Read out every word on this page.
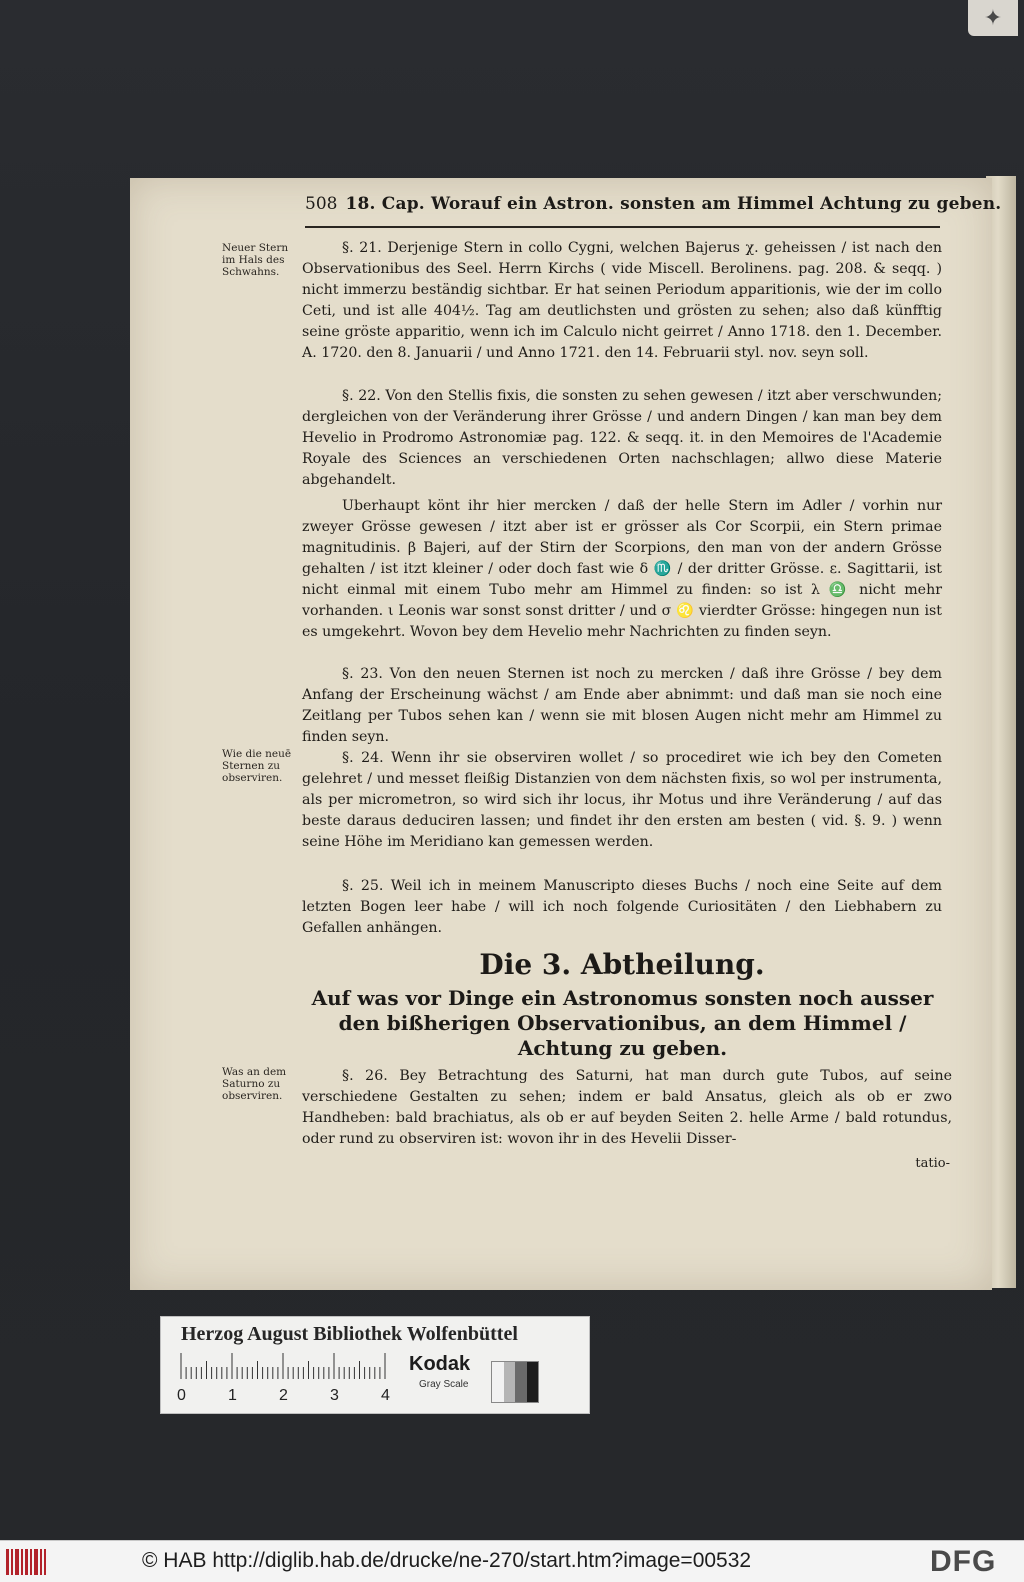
✦
508 18. Cap. Worauf ein Astron. sonsten am Himmel Achtung zu geben.
Neuer Stern im Hals des Schwahns.
Wie die neuē Sternen zu observiren.
Was an dem Saturno zu observiren.

§. 21. Derjenige Stern in collo Cygni, welchen Bajerus χ. geheissen / ist nach den Observationibus des Seel. Herrn Kirchs ( vide Miscell. Berolinens. pag. 208. & seqq. ) nicht immerzu beständig sichtbar. Er hat seinen Periodum apparitionis, wie der im collo Ceti, und ist alle 404½. Tag am deutlichsten und grösten zu sehen; also daß künfftig seine gröste apparitio, wenn ich im Calculo nicht geirret / Anno 1718. den 1. December. A. 1720. den 8. Januarii / und Anno 1721. den 14. Februarii styl. nov. seyn soll.

§. 22. Von den Stellis fixis, die sonsten zu sehen gewesen / itzt aber verschwunden; dergleichen von der Veränderung ihrer Grösse / und andern Dingen / kan man bey dem Hevelio in Prodromo Astronomiæ pag. 122. & seqq. it. in den Memoires de l'Academie Royale des Sciences an verschiedenen Orten nachschlagen; allwo diese Materie abgehandelt.

Uberhaupt könt ihr hier mercken / daß der helle Stern im Adler / vorhin nur zweyer Grösse gewesen / itzt aber ist er grösser als Cor Scorpii, ein Stern primae magnitudinis. β Bajeri, auf der Stirn der Scorpions, den man von der andern Grösse gehalten / ist itzt kleiner / oder doch fast wie δ ♏ / der dritter Grösse. ε. Sagittarii, ist nicht einmal mit einem Tubo mehr am Himmel zu finden: so ist λ ♎ nicht mehr vorhanden. ι Leonis war sonst sonst dritter / und σ ♌ vierdter Grösse: hingegen nun ist es umgekehrt. Wovon bey dem Hevelio mehr Nachrichten zu finden seyn.

§. 23. Von den neuen Sternen ist noch zu mercken / daß ihre Grösse / bey dem Anfang der Erscheinung wächst / am Ende aber abnimmt: und daß man sie noch eine Zeitlang per Tubos sehen kan / wenn sie mit blosen Augen nicht mehr am Himmel zu finden seyn.

§. 24. Wenn ihr sie observiren wollet / so procediret wie ich bey den Cometen gelehret / und messet fleißig Distanzien von dem nächsten fixis, so wol per instrumenta, als per micrometron, so wird sich ihr locus, ihr Motus und ihre Veränderung / auf das beste daraus deduciren lassen; und findet ihr den ersten am besten ( vid. §. 9. ) wenn seine Höhe im Meridiano kan gemessen werden.

§. 25. Weil ich in meinem Manuscripto dieses Buchs / noch eine Seite auf dem letzten Bogen leer habe / will ich noch folgende Curiositäten / den Liebhabern zu Gefallen anhängen.

Die 3. Abtheilung.
Auf was vor Dinge ein Astronomus sonsten noch ausser den bißherigen Observationibus, an dem Himmel / Achtung zu geben.

§. 26. Bey Betrachtung des Saturni, hat man durch gute Tubos, auf seine verschiedene Gestalten zu sehen; indem er bald Ansatus, gleich als ob er zwo Handheben: bald brachiatus, als ob er auf beyden Seiten 2. helle Arme / bald rotundus, oder rund zu observiren ist: wovon ihr in des Hevelii Disser-

tatio-
Herzog August Bibliothek Wolfenbüttel
0	1	2	3	4
Kodak
Gray Scale
© HAB http://diglib.hab.de/drucke/ne-270/start.htm?image=00532	DFG
